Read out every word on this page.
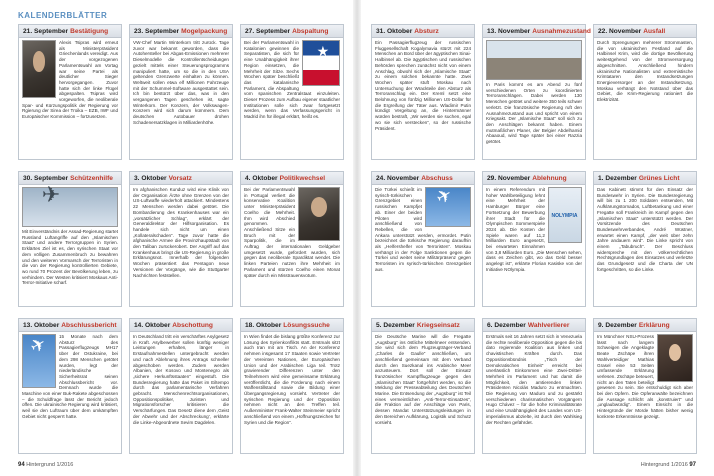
KALENDERBLÄTTER
21. September Bestätigung
Alexis Tsipras wird erneut als Ministerpräsident Griechenlands vereidigt. Aus der vorgezogenen Parlamentswahl am Vortag war seine Partei als deutlicher Sieger hervorgegangen. Zuvor hatte sich der linke Flügel abgespalten. Tsipras wird vorgeworfen, die neoliberale Spar- und Kürzungspolitik der Regierung vor Rgierung der Sirea der Troika – EZB, IWF und Europäischer Kommission – fortzusetzen.
23. September Mogelpackung
VW-Chef Martin Winterkorn tritt zurück. Tage zuvor war bekannt geworden, dass die Autohersteller bei Abgas-Emissionen mehrerer Dieselmodelle die Kontrollentscheidungen gezielt mittels einer Steuerungsprogramms manipuliert hatte, um so die in den USA geltenden Grenzwerte einhalten zu können. Weltweit sollen etwa elf Millionen Fahrzeuge mit der Schummel-Software ausgestattet sein. Ich bin bestürzt über das, was in den vergangenen Tagen geschehen ist, sagte Winterkorn. Der Konzern, der Volkswagen-Konzern wird sich darum kümmern. Dem deutschen Autobauer drohen Schadenersatzklagen in Milliardenhöhe.
27. September Abspaltung
★
Bei der Parlamentswahl in Katalonien gewinnen die Separatisten, die sich für eine Unabhängigkeit ihrer Region einsetzen, die Mehrheit der Sitze. Sechs Wochen später beschließt das katalanische Parlament, die Abspaltung vom spanischen Zentralstaat einzuleiten. Dieser Prozess zum Aufbau eigener staatlicher Institutionen solle sich zwar fortgesetzt werden, wenn das Verfassungsgericht in Madrid ihn für illegal erklärt, heißt es.
30. September Schützenhilfe
✈
Mit Einverständnis der Assad-Regierung startet Russland Luftangriffe auf den „Islamischen Staat“ und andere Terrorgruppen in Syrien. Erklärtes Ziel ist es, den syrischen Staat vor dem völligen Zusammenbruch zu bewahren und den weiteren Vormarsch der Terroristen in die von der Regierung kontrollierten Gebiete, wo rund 70 Prozent der Bevölkerung leben, zu verhindern. Der Westen kritisiert Moskaus Anti-Terror-Initiative scharf.
3. Oktober Vorsatz
Im afghanischen Kunduz wird eine Klinik von der Organisation Ärzte ohne Grenzen von der US-Luftwaffe wiederholt attackiert. Mindestens 22 Menschen werden dabei getötet. Die Bombardierung des Krankenhauses war ein „vorsätzlicher Schlag“, erklärt der Generaldirektor der Hilfsorganisation. Es handele sich nicht um einen „Kollateralschaden“. Tage zuvor hatte die afghanische Armee die Provinzhauptstadt von den Taliban zurückerobert. Der Angriff auf das Krankenhaus bringt die US-Regierung in große Erklärungsnot. Innerhalb der folgenden Wochen präsentiert das Pentagon neue Versionen der Vorgänge, wie die Stuttgarter Nachrichten feststellen.
4. Oktober Politikwechsel
Bei der Parlamentswahl in Portugal verliert die konservative Koalition unter Ministerpräsident Coelho die Mehrheit. Ihm wird Abschied genommen. Anschließend Sitze ein Bruch mit der Sparpolitik, die im Auftrag der internationalen Geldgeber umgesetzt wurde, gefordert wurden, sich gegen das neoliberale Spardiktat wendet. Die linken Parteien nutzen ihre Mehrheit im Parlament und stürzen Coelho einen Monat später durch ein Misstrauensvotum.
13. Oktober Abschlussbericht
✈
15 Monate nach dem Absturz des Passagierflugzeugs MH17 über der Ostukraine, bei dem 298 Menschen getötet wurden, legt der niederländische Sicherheitsrat seinen Abschlussbericht vor. Demnach wurde die Maschine von einer Buk-Rakete abgeschossen – die Schuldfrage lässt der Bericht jedoch offen. Die ukrainische Regierung wird kritisiert, weil sie den Luftraum über dem umkämpften Gebiet nicht gesperrt hatte.
14. Oktober Abschottung
In Deutschland tritt ein verschärftes Asylgesetz in Kraft. Asylbewerber sollen künftig weniger Leistungen erhalten, länger in Erstaufnahmestellen untergebracht werden und nach Ablehnung ihres Antrags schneller abgeschoben werden. Zudem werden Albanien, der Kosovo und Montenegro als „sichere Herkunftsstaaten“ eingestuft. Die Bundesregierung hatte das Paket im Eiltempo durch das parlamentarische Verfahren gebracht. Menschenrechtsorganisationen, Oppositionspolitiker, Juristen und Migrationsforscher kritisieren die Verschärfungen. Das Gesetz diene dem ‚Geist der Abwehr und der Abschreckung‘, erklärte die Linke-Abgeordnete Sevim Dagdelen.
18. Oktober Lösungssuche
In Wien findet die bislang größte Konferenz zur Lösung des Syrienkonflikts statt. Erstmals sitzt auch Iran mit am Tisch. An der Konferenz nehmen insgesamt 17 Staaten sowie Vertreter der Vereinten Nationen, der Europäischen Union und der Arabischen Liga teil. Trotz gravierender Differenzen unter den Teilnehmern wird eine gemeinsame Erklärung veröffentlicht, die die Forderung nach einem Waffenstillstand sowie die Bildung einer Übergangsregierung vorsieht. Vertreter der syrischen Regierung und der Opposition nehmen nicht an den Treffen teil. Außenminister Frank-Walter Steinmeier spricht anschließend von einem „Hoffnungszeichen für Syrien und die Region“.
94 Hintergrund 1/2016
31. Oktober Absturz
Ein Passagierflugzeug der russischen Fluggesellschaft Kogalymavia stürzt mit 224 Menschen an Bord über der ägyptischen Sinai-Halbinsel ab. Die ägyptischen und russischen Behörden sprechen zunächst nicht von einem Anschlag, obwohl sich der „Islamische Staat“ zu einem solchen bekannte hatte. Zwei Wochen später stuft Moskau nach Untersuchung der Wrackteile den Absturz als Terroranschlag ein. Der Kreml setzt eine Belohnung von fünfzig Millionen US-Dollar für die Ergreifung der Täter aus. Wladimir Putin kündigt Vergeltung an, die Hintermänner würden bestraft, „Wir werden sie suchen, egal wo sie sich verstecken“, so der russische Präsident.
13. November Ausnahmezustand
In Paris kommt es am Abend zu fünf verschiedenen Orten zu koordinierten Terroranschlägen. Dabei werden 130 Menschen getötet und weitere 350 teils schwer verletzt. Die französische Regierung ruft den Ausnahmezustand aus und spricht von einem Kriegsakt. Der „Islamische Staat“ soll sich zu den Anschlägen bekannt haben. Einem mutmaßlichen Planer, der Belgier Abdelhamid Abaaoud, wird Tage später bei einer Razzia getötet.
22. November Ausfall
Durch Sprengungen mehrerer Strommasten, die von ukrainischen Festland auf die Halbinsel Krim, wird die dortige Bevölkerung weitestgehend von der Stromversorgung abgeschnitten. Anschließend hindern ukrainische Nationalisten und extremistische Krimtataren den Instandsetzungen Energieversorger an der Instandsetzung. Moskau verhängt den Notstand über das Gebiet, die Krim-Regierung rationiert die Elektrizität.
24. November Abschuss
✈
Die Türkei schießt im syrisch-türkischen Grenzgebiet einen russischen Kampfjet ab. Einer der beiden Piloten wird anschließend von Rebellen, die von Ankara unterstützt werden, ermordet. Putin bezeichnet die türkische Regierung daraufhin als „Helfershelfer von Terroristen“. Moskau verhängt in der Folge Sanktionen gegen die Türkei und weitet seine Militärpräsenz gegen Terroristen im syrisch-türkischen Grenzgebiet aus.
29. November Ablehnung
NOLYMPIA
In einem Referendum mit hoher Wahlbeteiligung lehnt eine Mehrheit der Hamburger Bürger eine Fortsetzung der Bewerbung ihrer Stadt für die Olympischen Sommerspiele 2024 ab. Die Kosten der Spiele waren auf 11,2 Milliarden Euro angesetzt, bei erwarteten Einnahmen von 3,8 Milliarden Euro. „Die Menschen sehen, dass es Zeichen gibt, wo das Geld besser angelegt ist“, erklärte Florian Kasiske von der Initiative NOlympia.
1. Dezember Grünes Licht
Das Kabinett stimmt für den Einsatz der Bundeswehr in Syrien. Die Bundesregierung will bis zu 1 200 Soldaten entsenden, Mit Aufklärungstornados, Luftbetankung und einer Fregatte soll Frankreich im Kampf gegen den „Islamischen Staat“ unterstützt werden. Der Vorsitzende des Deutschen Bundeswehrverbandes, André Wüstner, erwartet einen Kampf, „der weit über zehn Jahre andauern wird“. Die Linke spricht von einem „Tabubruch“. Der Beschluss widerspreche mit den völkerrechtlichen Rechtsgrundlagen des Einsatzes und verletzte das Grundgesetz und die Charta der UN fortgeschritten, so die Linke.
5. Dezember Kriegseinsatz
Die Deutsche Marine will die Fregatte „Augsburg“ ins östliche Mittelmeer entsenden. Sie wird sich dem Flugzeugträger-Verband „Charles de Gaulle“ anschließen, um anschließend gemeinsam mit dem Verband durch den Suezkanal ins Arabische Meer anzusteuern. Dort soll der Einsatz französischer Kampfflugzeuge gegen den „Islamischen Staat“ fortgeführt werden, so die Meldung der Presseabteilung des Deutschen Marine. Die Entsendung der „Augsburg“ ist Teil eines vermeintlichen „Anti-Terror-Einsatzes“, die Fraktion auf der Anschläge von Paris, dessen Mandat Unterstützungsleistungen in den Bereichen Aufklärung, Logistik und Schutz vorsieht.
6. Dezember Wahlverlierer
Erstmals seit 16 Jahren setzt sich in Venezuela die rechte neoliberale Opposition gegen die bis dato regierende Koalition aus linken und chavistischen Kräften durch. Das Oppositionsbündnis „Tisch der Demokratischen Einheit“ erreicht bei unerlässlich Einkommen eine Zwei-Drittel-Mehrheit im Parlament und hat damit die Möglichkeit, den amtierenden linken Präsidenten Nicolás Maduro zu entmachten. Die Regierung von Maduro und zu gestärkt verschiedenen charismatischen Vorgängern Hugo Chávez – für die hohe Kriminalitätsrate und eine Unabhängigkeit des Landes vom US-imperialismus abzielte, ist durch den Wahlsieg der Rechten gefährdet.
9. Dezember Erklärung
Im Münchner NSU-Prozess lässt nach langem Schweigen die Angeklagte Beate Zschäpe ihren Wahlverteidiger Mathias Grasel eine 53 Seiten umfassende Erklärung verlesen. Zschäpe beteuert, nicht an den Taten beteiligt gewesen zu sein. Sie entschuldigt sich aber bei den Opfern. Die Opferanwälte bezeichnen die Aussage schlicht als „konstruiert“ und „unglaubwürdig“. Einem Einsicht in die Hintergründe der Morde hätten bisher wenig konkrete Erkenntnisse gezeigt.
Hintergrund 1/2016 97
